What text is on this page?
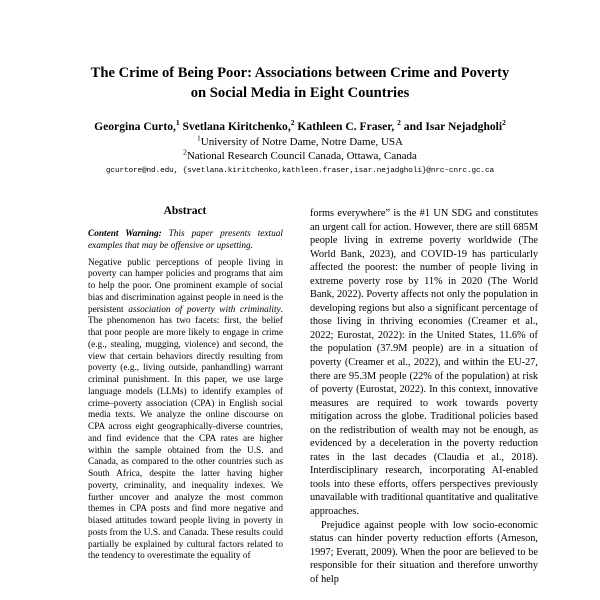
The Crime of Being Poor: Associations between Crime and Poverty
on Social Media in Eight Countries
Georgina Curto,$^1$ Svetlana Kiritchenko,$^2$ Kathleen C. Fraser, $^2$ and Isar Nejadgholi$^2$
$^1$University of Notre Dame, Notre Dame, USA
$^2$National Research Council Canada, Ottawa, Canada
gcurtore@nd.edu, {svetlana.kiritchenko,kathleen.fraser,isar.nejadgholi}@nrc-cnrc.gc.ca
Abstract

Content Warning: This paper presents textual examples that may be offensive or upsetting.

Negative public perceptions of people living in poverty can hamper policies and programs that aim to help the poor. One prominent example of social bias and discrimination against people in need is the persistent association of poverty with criminality. The phenomenon has two facets: first, the belief that poor people are more likely to engage in crime (e.g., stealing, mugging, violence) and second, the view that certain behaviors directly resulting from poverty (e.g., living outside, panhandling) warrant criminal punishment. In this paper, we use large language models (LLMs) to identify examples of crime–poverty association (CPA) in English social media texts. We analyze the online discourse on CPA across eight geographically-diverse countries, and find evidence that the CPA rates are higher within the sample obtained from the U.S. and Canada, as compared to the other countries such as South Africa, despite the latter having higher poverty, criminality, and inequality indexes. We further uncover and analyze the most common themes in CPA posts and find more negative and biased attitudes toward people living in poverty in posts from the U.S. and Canada. These results could partially be explained by cultural factors related to the tendency to overestimate the equality of

forms everywhere” is the #1 UN SDG and constitutes an urgent call for action. However, there are still 685M people living in extreme poverty worldwide (The World Bank, 2023), and COVID-19 has particularly affected the poorest: the number of people living in extreme poverty rose by 11% in 2020 (The World Bank, 2022). Poverty affects not only the population in developing regions but also a significant percentage of those living in thriving economies (Creamer et al., 2022; Eurostat, 2022): in the United States, 11.6% of the population (37.9M people) are in a situation of poverty (Creamer et al., 2022), and within the EU-27, there are 95.3M people (22% of the population) at risk of poverty (Eurostat, 2022). In this context, innovative measures are required to work towards poverty mitigation across the globe. Traditional policies based on the redistribution of wealth may not be enough, as evidenced by a deceleration in the poverty reduction rates in the last decades (Claudia et al., 2018). Interdisciplinary research, incorporating AI-enabled tools into these efforts, offers perspectives previously unavailable with traditional quantitative and qualitative approaches.

Prejudice against people with low socio-economic status can hinder poverty reduction efforts (Arneson, 1997; Everatt, 2009). When the poor are believed to be responsible for their situation and therefore unworthy of help
